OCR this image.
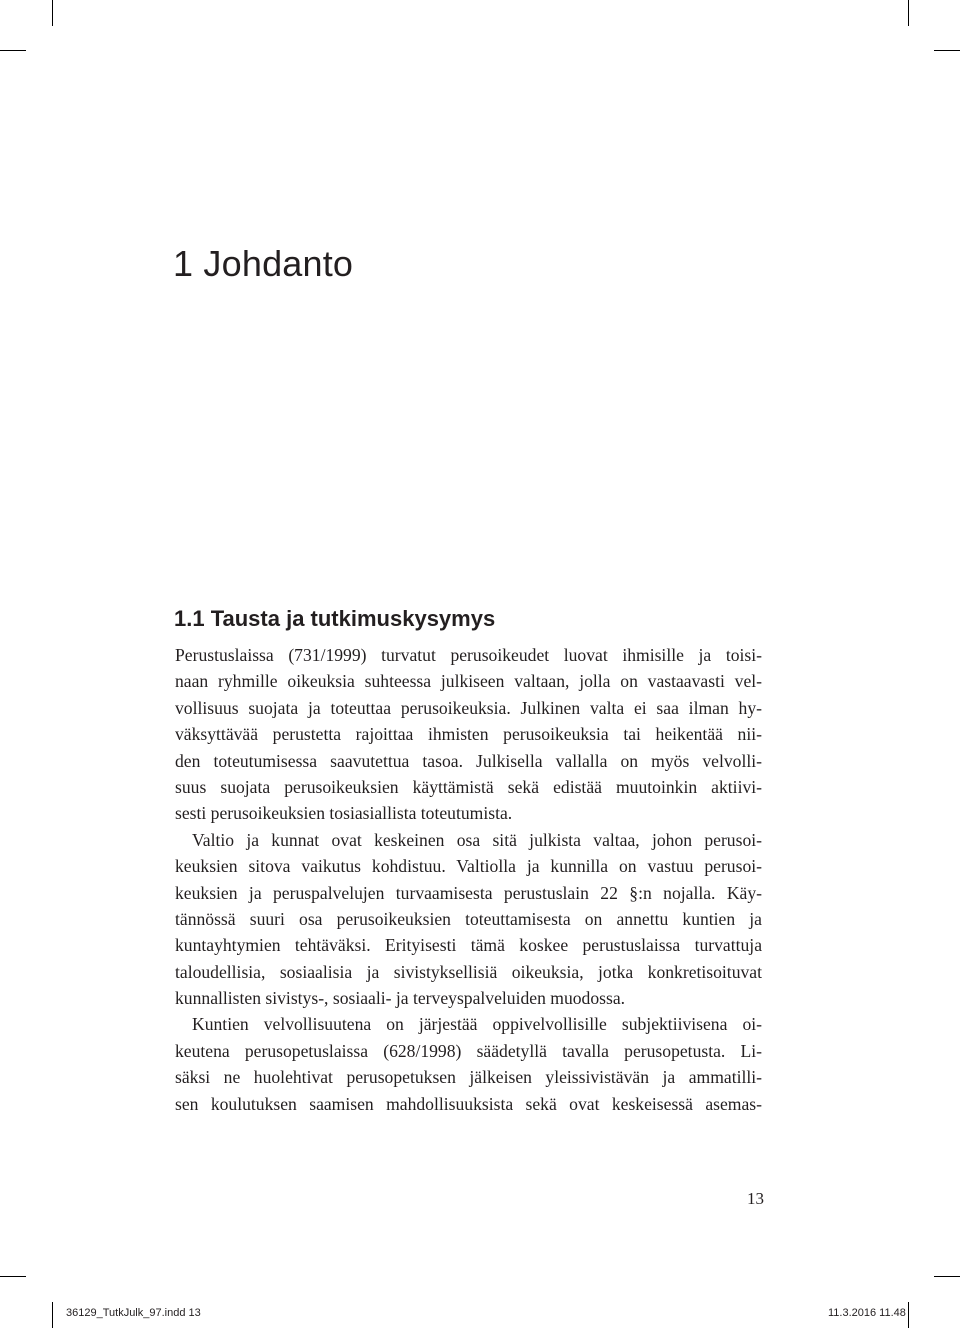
1 Johdanto
1.1 Tausta ja tutkimuskysymys
Perustuslaissa (731/1999) turvatut perusoikeudet luovat ihmisille ja toisi-
naan ryhmille oikeuksia suhteessa julkiseen valtaan, jolla on vastaavasti vel-
vollisuus suojata ja toteuttaa perusoikeuksia. Julkinen valta ei saa ilman hy-
väksyttävää perustetta rajoittaa ihmisten perusoikeuksia tai heikentää nii-
den toteutumisessa saavutettua tasoa. Julkisella vallalla on myös velvolli-
suus suojata perusoikeuksien käyttämistä sekä edistää muutoinkin aktiivi-
sesti perusoikeuksien tosiasiallista toteutumista.
Valtio ja kunnat ovat keskeinen osa sitä julkista valtaa, johon perusoi-
keuksien sitova vaikutus kohdistuu. Valtiolla ja kunnilla on vastuu perusoi-
keuksien ja peruspalvelujen turvaamisesta perustuslain 22 §:n nojalla. Käy-
tännössä suuri osa perusoikeuksien toteuttamisesta on annettu kuntien ja
kuntayhtymien tehtäväksi. Erityisesti tämä koskee perustuslaissa turvattuja
taloudellisia, sosiaalisia ja sivistyksellisiä oikeuksia, jotka konkretisoituvat
kunnallisten sivistys-, sosiaali- ja terveyspalveluiden muodossa.
Kuntien velvollisuutena on järjestää oppivelvollisille subjektiivisena oi-
keutena perusopetuslaissa (628/1998) säädetyllä tavalla perusopetusta. Li-
säksi ne huolehtivat perusopetuksen jälkeisen yleissivistävän ja ammatilli-
sen koulutuksen saamisen mahdollisuuksista sekä ovat keskeisessä asemas-
13
36129_TutkJulk_97.indd 13	11.3.2016 11.48
